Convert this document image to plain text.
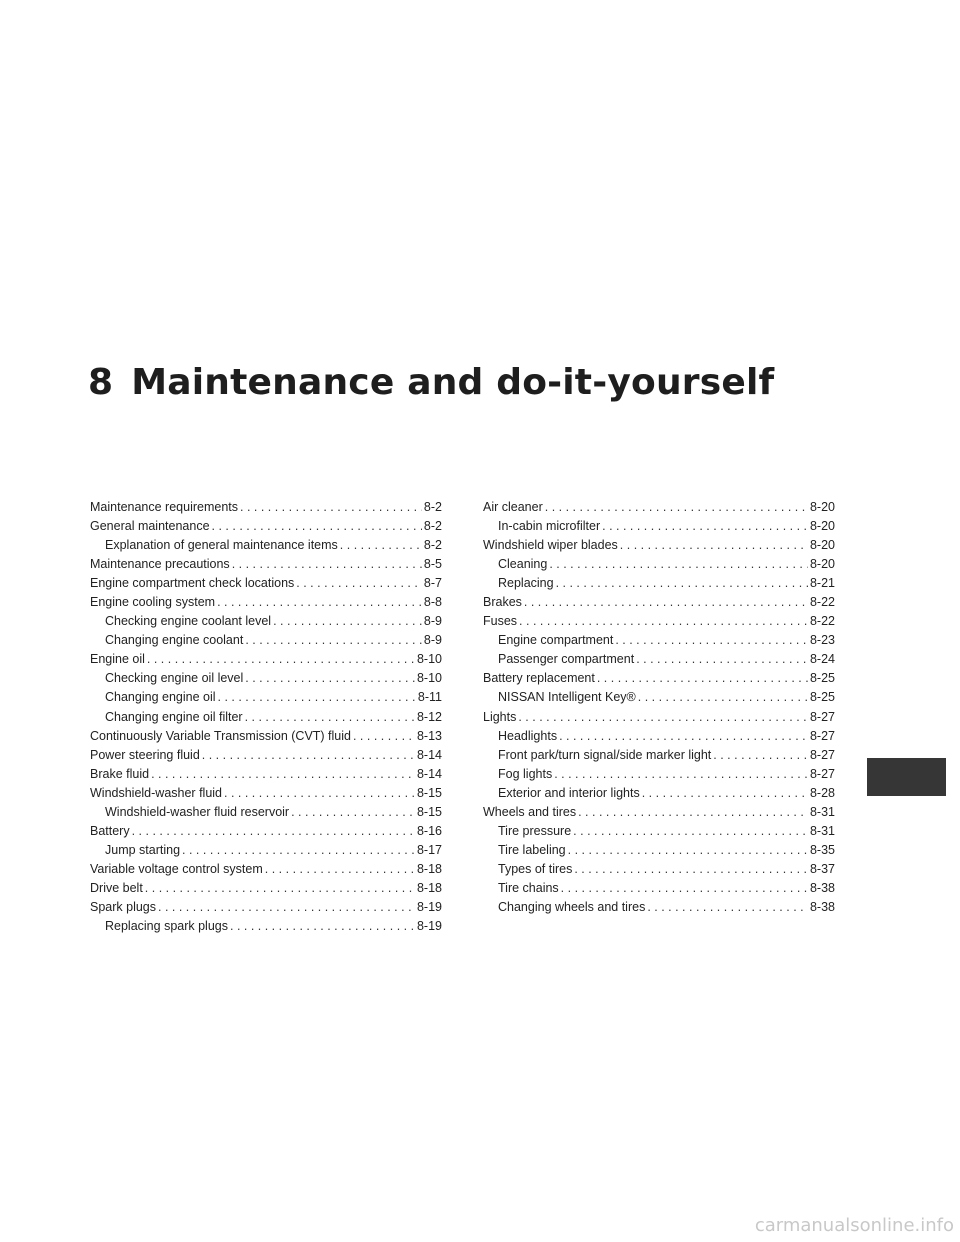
8 Maintenance and do-it-yourself
Maintenance requirements . . .	8-2
General maintenance . . .	8-2
Explanation of general maintenance items . . .	8-2
Maintenance precautions . . .	8-5
Engine compartment check locations . . .	8-7
Engine cooling system . . .	8-8
Checking engine coolant level . . .	8-9
Changing engine coolant . . .	8-9
Engine oil . . .	8-10
Checking engine oil level . . .	8-10
Changing engine oil . . .	8-11
Changing engine oil filter . . .	8-12
Continuously Variable Transmission (CVT) fluid . . .	8-13
Power steering fluid . . .	8-14
Brake fluid . . .	8-14
Windshield-washer fluid . . .	8-15
Windshield-washer fluid reservoir . . .	8-15
Battery . . .	8-16
Jump starting . . .	8-17
Variable voltage control system . . .	8-18
Drive belt . . .	8-18
Spark plugs . . .	8-19
Replacing spark plugs . . .	8-19
Air cleaner . . .	8-20
In-cabin microfilter . . .	8-20
Windshield wiper blades . . .	8-20
Cleaning . . .	8-20
Replacing . . .	8-21
Brakes . . .	8-22
Fuses . . .	8-22
Engine compartment . . .	8-23
Passenger compartment . . .	8-24
Battery replacement . . .	8-25
NISSAN Intelligent Key® . . .	8-25
Lights . . .	8-27
Headlights . . .	8-27
Front park/turn signal/side marker light . . .	8-27
Fog lights . . .	8-27
Exterior and interior lights . . .	8-28
Wheels and tires . . .	8-31
Tire pressure . . .	8-31
Tire labeling . . .	8-35
Types of tires . . .	8-37
Tire chains . . .	8-38
Changing wheels and tires . . .	8-38
carmanualsonline.info
